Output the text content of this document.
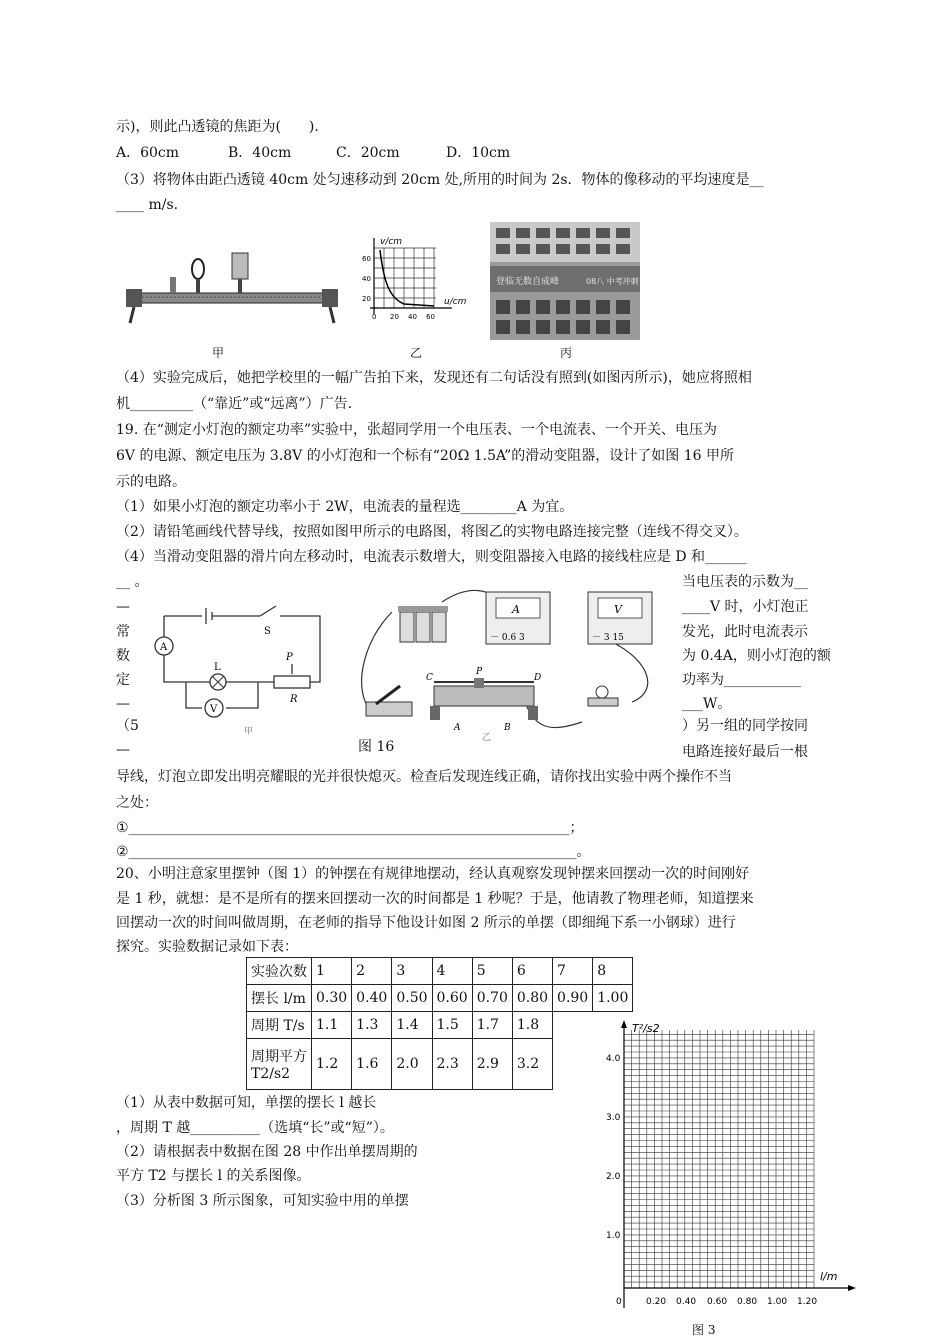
示)，则此凸透镜的焦距为(　　).
A．60cm	B．40cm	C．20cm	D．10cm
（3）将物体由距凸透镜 40cm 处匀速移动到 20cm 处,所用的时间为 2s．物体的像移动的平均速度是__
____ m/s.
v/cm
u/cm
60
40
20
0 20 40 60
登临无数自成峰	08八 中考冲刺
甲	乙	丙
（4）实验完成后，她把学校里的一幅广告拍下来，发现还有二句话没有照到(如图丙所示)，她应将照相
机_________（“靠近”或“远离”）广告.
19. 在“测定小灯泡的额定功率”实验中，张超同学用一个电压表、一个电流表、一个开关、电压为
6V 的电源、额定电压为 3.8V 的小灯泡和一个标有“20Ω 1.5A”的滑动变阻器，设计了如图 16 甲所
示的电路。
（1）如果小灯泡的额定功率小于 2W，电流表的量程选________A 为宜。
（2）请铅笔画线代替导线，按照如图甲所示的电路图，将图乙的实物电路连接完整（连线不得交叉）。
（4）当滑动变阻器的滑片向左移动时，电流表示数增大，则变阻器接入电路的接线柱应是 D 和______
__ 。
—
常
数
定
—
（5
—
当电压表的示数为__
____V 时，小灯泡正
发光，此时电流表示
为 0.4A，则小灯泡的额
功率为___________
___W。
）另一组的同学按同
电路连接好最后一根
A
S
L
P
R
V
甲
A
－ 0.6 3
V
－ 3 15
C
P
D
A	B
乙
图 16
导线，灯泡立即发出明亮耀眼的光并很快熄灭。检查后发现连线正确，请你找出实验中两个操作不当
之处：
①_______________________________________________________________；
②________________________________________________________________。
20、小明注意家里摆钟（图 1）的钟摆在有规律地摆动，经认真观察发现钟摆来回摆动一次的时间刚好
是 1 秒，就想：是不是所有的摆来回摆动一次的时间都是 1 秒呢？于是，他请教了物理老师，知道摆来
回摆动一次的时间叫做周期，在老师的指导下他设计如图 2 所示的单摆（即细绳下系一小钢球）进行
探究。实验数据记录如下表：
实验次数	1	2	3	4	5	6	7	8
摆长 l/m	0.30	0.40	0.50	0.60	0.70	0.80	0.90	1.00
周期 T/s	1.1	1.3	1.4	1.5	1.7	1.8		

周期平方
T2/s2	1.2	1.6	2.0	2.3	2.9	3.2		
（1）从表中数据可知，单摆的摆长 l 越长
，周期 T 越__________（选填“长”或“短”）。
（2）请根据表中数据在图 28 中作出单摆周期的
平方 T2 与摆长 l 的关系图像。
（3）分析图 3 所示图象，可知实验中用的单摆
T²/s2
l/m
4.0
3.0
2.0
1.0
0	0.20 0.40 0.60 0.80 1.00 1.20
图 3
